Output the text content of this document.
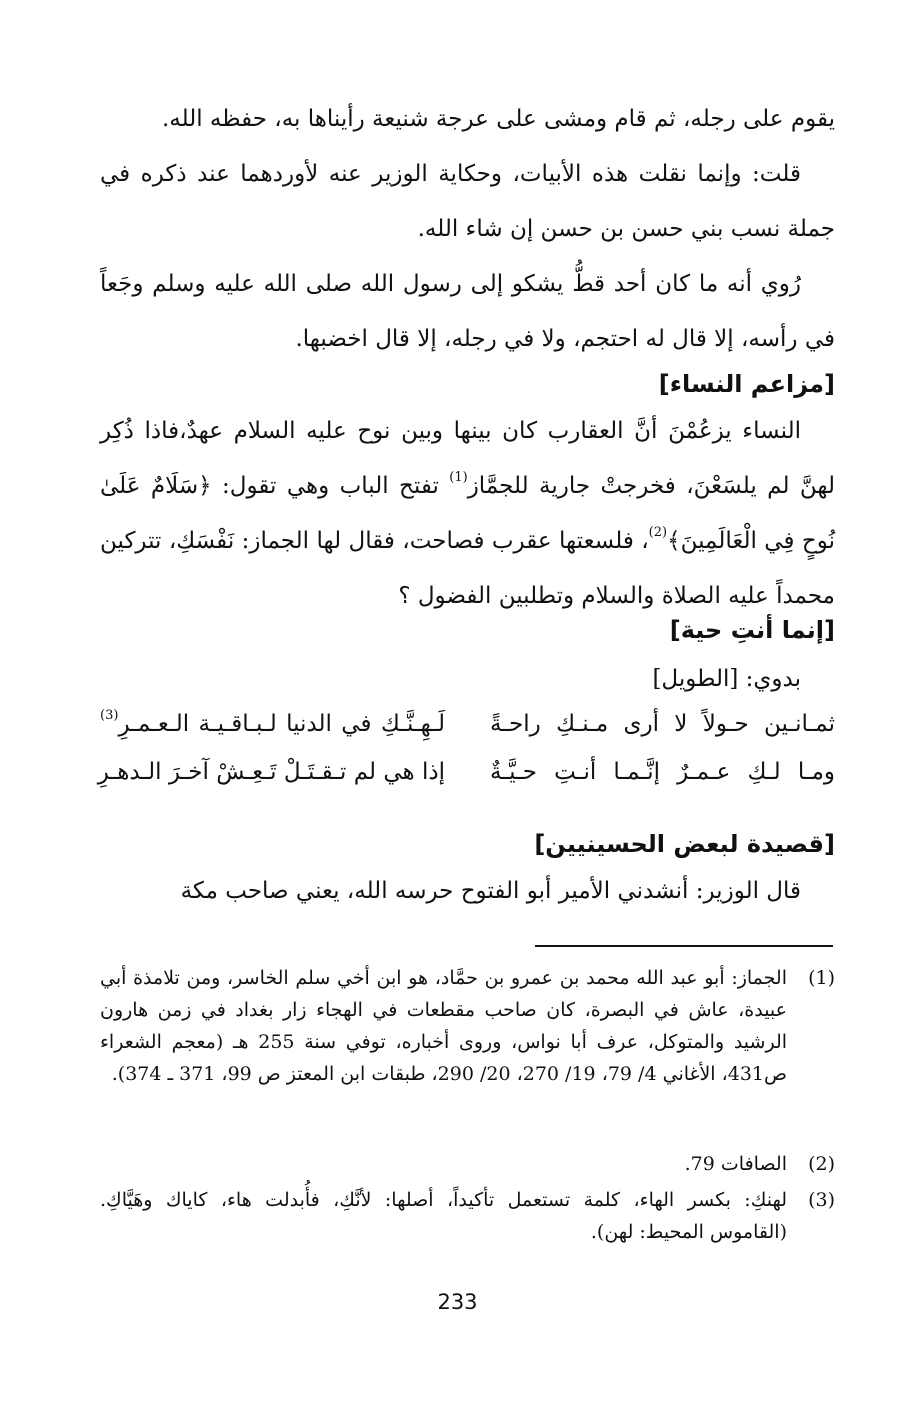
يقوم على رجله، ثم قام ومشى على عرجة شنيعة رأيناها به، حفظه الله.

قلت: وإنما نقلت هذه الأبيات، وحكاية الوزير عنه لأوردهما عند ذكره في جملة نسب بني حسن بن حسن إن شاء الله.

رُوي أنه ما كان أحد قطُّ يشكو إلى رسول الله صلى الله عليه وسلم وجَعاً في رأسه، إلا قال له احتجم، ولا في رجله، إلا قال اخضبها.

[مزاعم النساء]

النساء يزعُمْنَ أنَّ العقارب كان بينها وبين نوح عليه السلام عهدٌ،فاذا ذُكِر لهنَّ لم يلسَعْنَ، فخرجتْ جارية للجمَّاز$^{(1)}$ تفتح الباب وهي تقول: ﴿سَلَامٌ عَلَىٰ نُوحٍ فِي الْعَالَمِينَ﴾$^{(2)}$، فلسعتها عقرب فصاحت، فقال لها الجماز: نَفْسَكِ، تتركين محمداً عليه الصلاة والسلام وتطلبين الفضول ؟

[إنما أنتِ حية]

بدوي: [الطويل]

ثمـانـين حـولاً لا أرى مـنـكِ راحـةً
لَـهِـنَّـكِ في الدنيا لـبـاقـيـة الـعـمـرِ$^{(3)}$
ومـا لـكِ عـمـرٌ إنَّـمـا أنـتِ حـيَّـةٌ
إذا هي لم تـقـتَـلْ تَـعِـشْ آخـرَ الـدهـرِ
[قصيدة لبعض الحسينيين]

قال الوزير: أنشدني الأمير أبو الفتوح حرسه الله، يعني صاحب مكة

(1)
الجماز: أبو عبد الله محمد بن عمرو بن حمَّاد، هو ابن أخي سلم الخاسر، ومن تلامذة أبي عبيدة، عاش في البصرة، كان صاحب مقطعات في الهجاء زار بغداد في زمن هارون الرشيد والمتوكل، عرف أبا نواس، وروى أخباره، توفي سنة 255 هـ (معجم الشعراء ص431، الأغاني 4/ 79، 19/ 270، 20/ 290، طبقات ابن المعتز ص 99، 371 ـ 374).
(2)
الصافات 79.
(3)
لهنكِ: بكسر الهاء، كلمة تستعمل تأكيداً، أصلها: لأنَّكِ، فأُبدلت هاء، كاياك وهَيَّاكِ. (القاموس المحيط: لهن).
233
